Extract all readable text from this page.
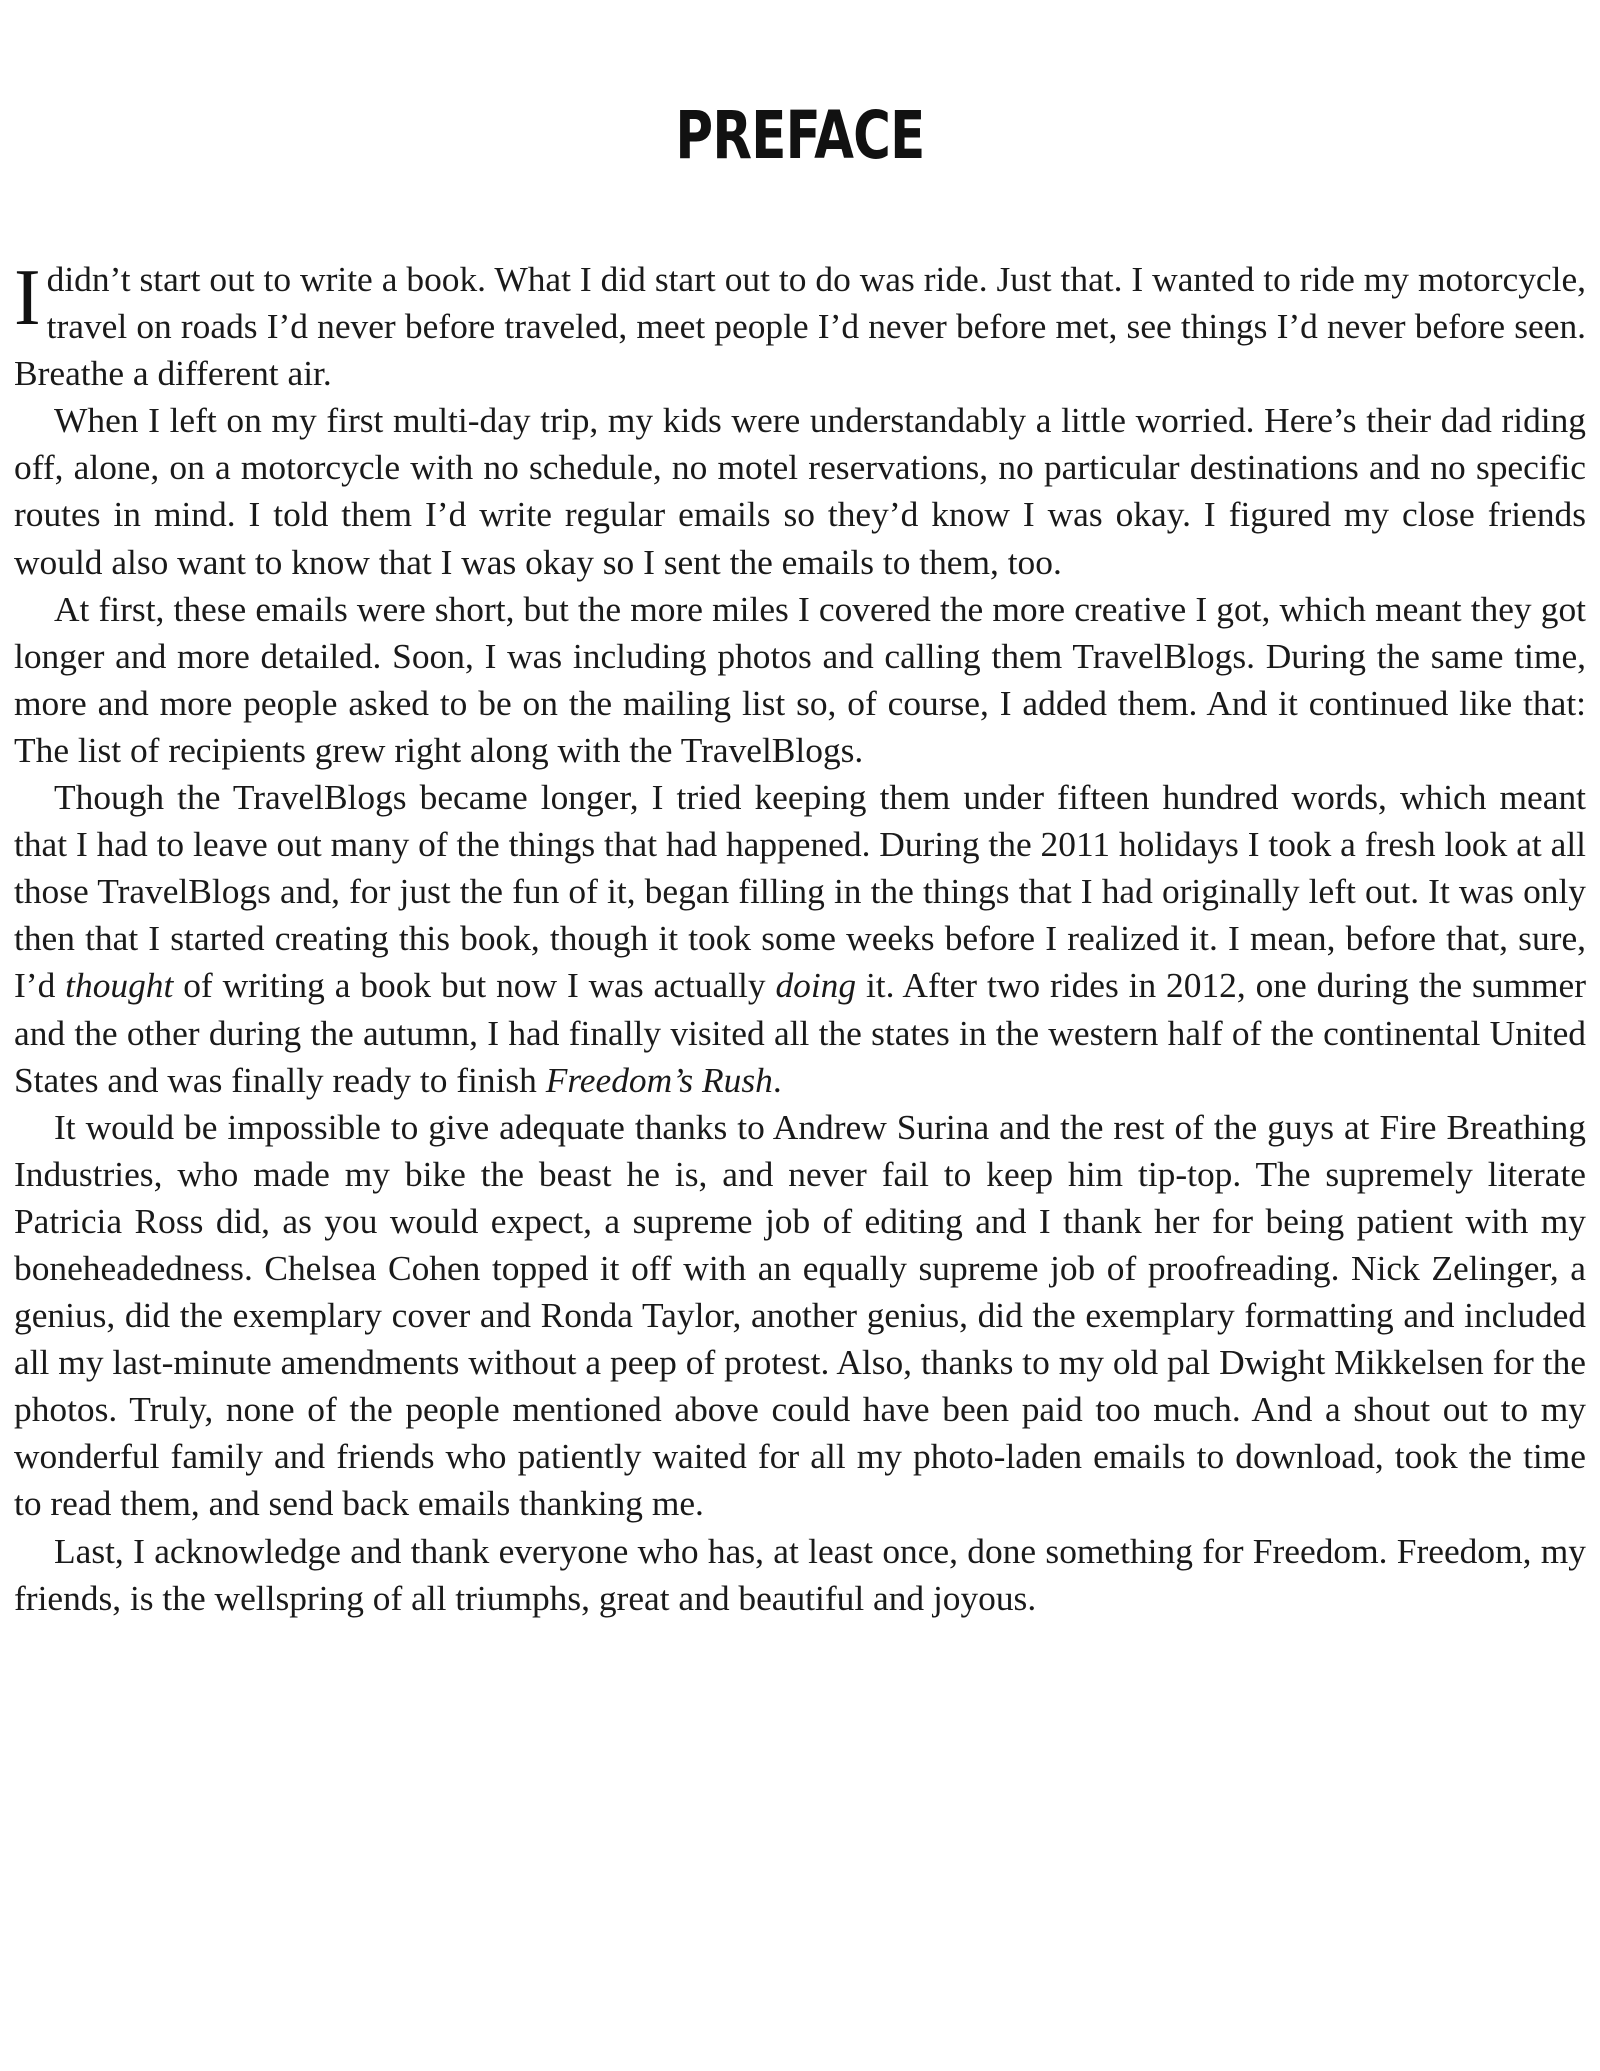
PREFACE

Ididn’t start out to write a book. What I did start out to do was ride. Just that. I wanted to ride my motorcycle, travel on roads I’d never before traveled, meet people I’d never before met, see things I’d never before seen. Breathe a different air.

When I left on my first multi-day trip, my kids were understandably a little worried. Here’s their dad riding off, alone, on a motorcycle with no schedule, no motel reservations, no particular destinations and no specific routes in mind. I told them I’d write regular emails so they’d know I was okay. I figured my close friends would also want to know that I was okay so I sent the emails to them, too.

At first, these emails were short, but the more miles I covered the more creative I got, which meant they got longer and more detailed. Soon, I was including photos and calling them TravelBlogs. During the same time, more and more people asked to be on the mailing list so, of course, I added them. And it continued like that: The list of recipients grew right along with the TravelBlogs.

Though the TravelBlogs became longer, I tried keeping them under fifteen hundred words, which meant that I had to leave out many of the things that had happened. During the 2011 holidays I took a fresh look at all those TravelBlogs and, for just the fun of it, began filling in the things that I had originally left out. It was only then that I started creating this book, though it took some weeks before I realized it. I mean, before that, sure, I’d thought of writing a book but now I was actually doing it. After two rides in 2012, one during the summer and the other during the autumn, I had finally visited all the states in the western half of the continental United States and was finally ready to finish Freedom’s Rush.

It would be impossible to give adequate thanks to Andrew Surina and the rest of the guys at Fire Breathing Industries, who made my bike the beast he is, and never fail to keep him tip-top. The supremely literate Patricia Ross did, as you would expect, a supreme job of editing and I thank her for being patient with my boneheadedness. Chelsea Cohen topped it off with an equally supreme job of proofreading. Nick Zelinger, a genius, did the exemplary cover and Ronda Taylor, another genius, did the exemplary formatting and included all my last-minute amendments without a peep of protest. Also, thanks to my old pal Dwight Mikkelsen for the photos. Truly, none of the people mentioned above could have been paid too much. And a shout out to my wonderful family and friends who patiently waited for all my photo-laden emails to download, took the time to read them, and send back emails thanking me.

Last, I acknowledge and thank everyone who has, at least once, done something for Freedom. Freedom, my friends, is the wellspring of all triumphs, great and beautiful and joyous.
